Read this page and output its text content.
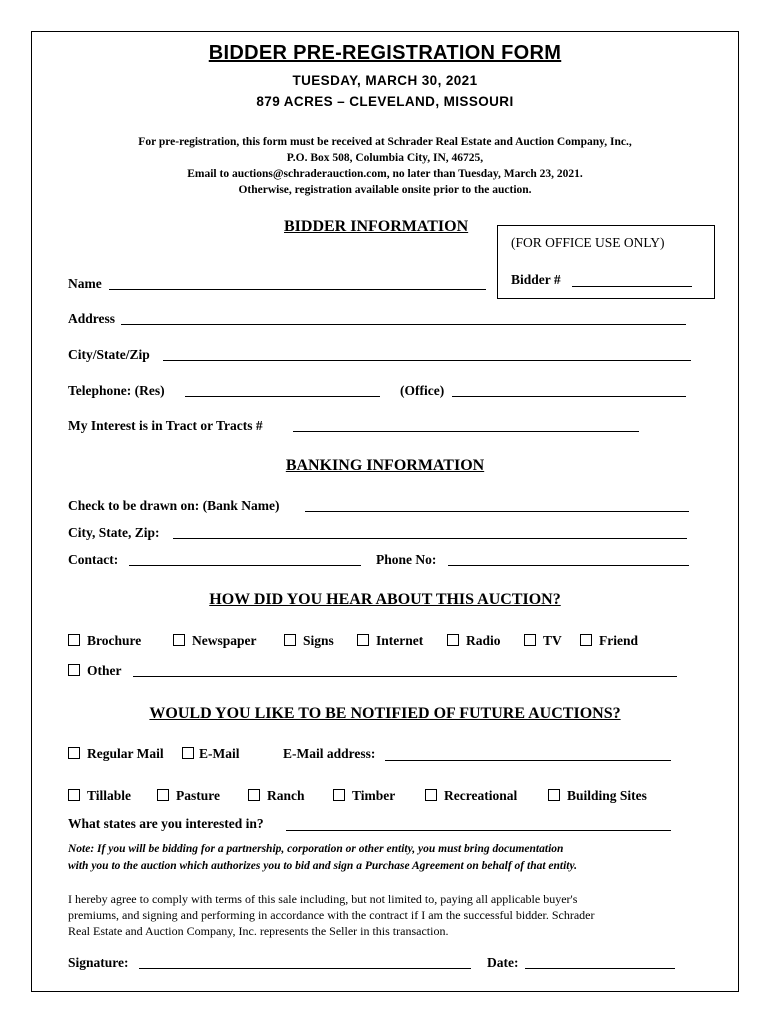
BIDDER PRE-REGISTRATION FORM
TUESDAY, MARCH 30, 2021
879 ACRES – CLEVELAND, MISSOURI
For pre-registration, this form must be received at Schrader Real Estate and Auction Company, Inc.,
P.O. Box 508, Columbia City, IN, 46725,
Email to auctions@schraderauction.com, no later than Tuesday, March 23, 2021.
Otherwise, registration available onsite prior to the auction.
BIDDER INFORMATION
(FOR OFFICE USE ONLY)
Bidder #
Name
Address
City/State/Zip
Telephone: (Res)	(Office)
My Interest is in Tract or Tracts #
BANKING INFORMATION
Check to be drawn on: (Bank Name)
City, State, Zip:
Contact:	Phone No:
HOW DID YOU HEAR ABOUT THIS AUCTION?
Brochure	Newspaper	Signs	Internet	Radio	TV	Friend
Other
WOULD YOU LIKE TO BE NOTIFIED OF FUTURE AUCTIONS?
Regular Mail	E-Mail	E-Mail address:
Tillable	Pasture	Ranch	Timber	Recreational	Building Sites
What states are you interested in?
Note: If you will be bidding for a partnership, corporation or other entity, you must bring documentation
with you to the auction which authorizes you to bid and sign a Purchase Agreement on behalf of that entity.
I hereby agree to comply with terms of this sale including, but not limited to, paying all applicable buyer's
premiums, and signing and performing in accordance with the contract if I am the successful bidder. Schrader
Real Estate and Auction Company, Inc. represents the Seller in this transaction.
Signature:	Date:
